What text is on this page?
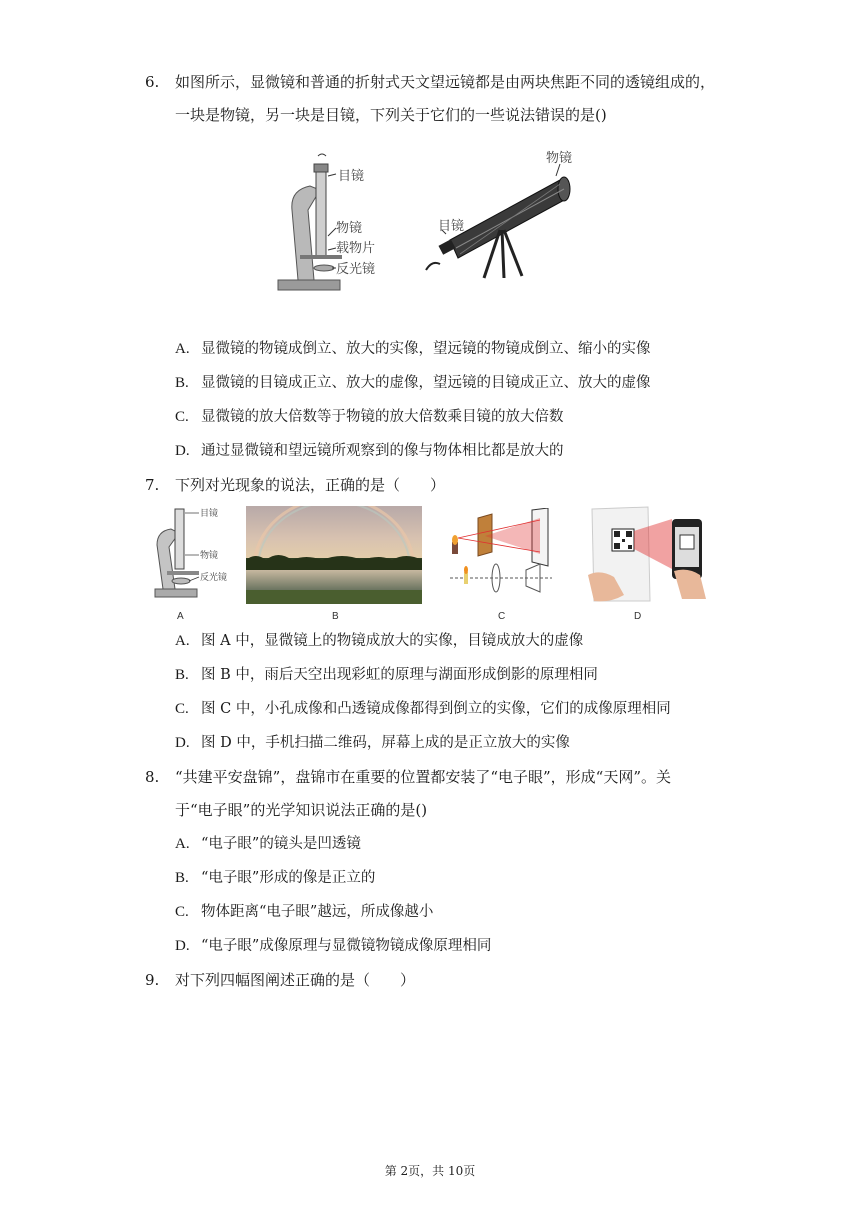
6. 如图所示，显微镜和普通的折射式天文望远镜都是由两块焦距不同的透镜组成的，
一块是物镜，另一块是目镜，下列关于它们的一些说法错误的是()
目镜
物镜
载物片
反光镜
物镜
目镜
A. 显微镜的物镜成倒立、放大的实像，望远镜的物镜成倒立、缩小的实像
B. 显微镜的目镜成正立、放大的虚像，望远镜的目镜成正立、放大的虚像
C. 显微镜的放大倍数等于物镜的放大倍数乘目镜的放大倍数
D. 通过显微镜和望远镜所观察到的像与物体相比都是放大的
7. 下列对光现象的说法，正确的是（　　）
目镜
物镜
反光镜
A	B	C	D
A. 图 A 中，显微镜上的物镜成放大的实像，目镜成放大的虚像
B. 图 B 中，雨后天空出现彩虹的原理与湖面形成倒影的原理相同
C. 图 C 中，小孔成像和凸透镜成像都得到倒立的实像，它们的成像原理相同
D. 图 D 中，手机扫描二维码，屏幕上成的是正立放大的实像
8. “共建平安盘锦”，盘锦市在重要的位置都安装了“电子眼”，形成“天网”。关
于“电子眼”的光学知识说法正确的是()
A. “电子眼”的镜头是凹透镜
B. “电子眼”形成的像是正立的
C. 物体距离“电子眼”越远，所成像越小
D. “电子眼”成像原理与显微镜物镜成像原理相同
9. 对下列四幅图阐述正确的是（　　）
第 2页，共 10页
